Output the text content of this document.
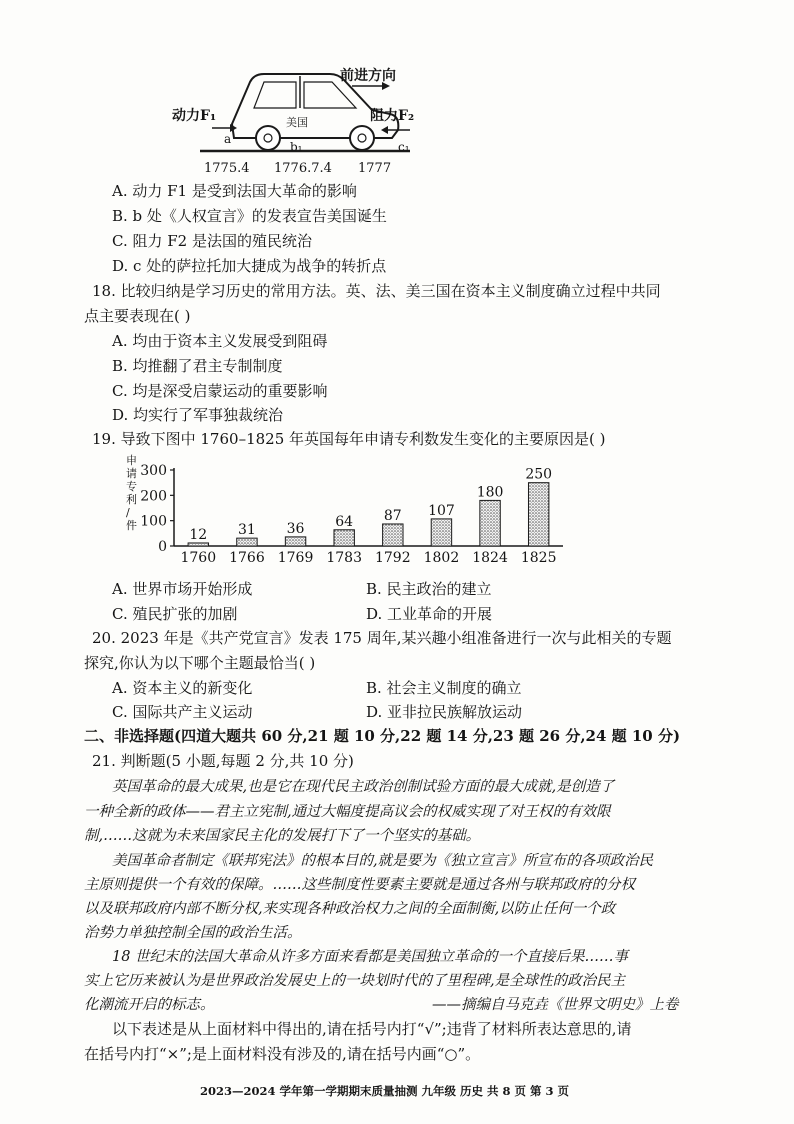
美国
前进方向
动力F₁	阻力F₂
a
b₁	c₁
1775.4 1776.7.4 1777
A. 动力 F1 是受到法国大革命的影响
B. b 处《人权宣言》的发表宣告美国诞生
C. 阻力 F2 是法国的殖民统治
D. c 处的萨拉托加大捷成为战争的转折点
18. 比较归纳是学习历史的常用方法。英、法、美三国在资本主义制度确立过程中共同
点主要表现在( )
A. 均由于资本主义发展受到阻碍
B. 均推翻了君主专制制度
C. 均是深受启蒙运动的重要影响
D. 均实行了军事独裁统治
19. 导致下图中 1760–1825 年英国每年申请专利数发生变化的主要原因是( )
申
请
专
利
/
件
0
100
200
300
12
1760
31
1766
36
1769
64
1783
87
1792
107
1802
180
1824
250
1825
A. 世界市场开始形成	B. 民主政治的建立
C. 殖民扩张的加剧	D. 工业革命的开展
20. 2023 年是《共产党宣言》发表 175 周年,某兴趣小组准备进行一次与此相关的专题
探究,你认为以下哪个主题最恰当( )
A. 资本主义的新变化	B. 社会主义制度的确立
C. 国际共产主义运动	D. 亚非拉民族解放运动
二、非选择题(四道大题共 60 分,21 题 10 分,22 题 14 分,23 题 26 分,24 题 10 分)
21. 判断题(5 小题,每题 2 分,共 10 分)
英国革命的最大成果,也是它在现代民主政治创制试验方面的最大成就,是创造了
一种全新的政体——君主立宪制,通过大幅度提高议会的权威实现了对王权的有效限
制,……这就为未来国家民主化的发展打下了一个坚实的基础。
美国革命者制定《联邦宪法》的根本目的,就是要为《独立宣言》所宣布的各项政治民
主原则提供一个有效的保障。……这些制度性要素主要就是通过各州与联邦政府的分权
以及联邦政府内部不断分权,来实现各种政治权力之间的全面制衡,以防止任何一个政
治势力单独控制全国的政治生活。
18 世纪末的法国大革命从许多方面来看都是美国独立革命的一个直接后果……事
实上它历来被认为是世界政治发展史上的一块划时代的了里程碑,是全球性的政治民主
化潮流开启的标志。	——摘编自马克垚《世界文明史》上卷
以下表述是从上面材料中得出的,请在括号内打“√”;违背了材料所表达意思的,请
在括号内打“×”;是上面材料没有涉及的,请在括号内画“○”。
2023—2024 学年第一学期期末质量抽测 九年级 历史 共 8 页 第 3 页
